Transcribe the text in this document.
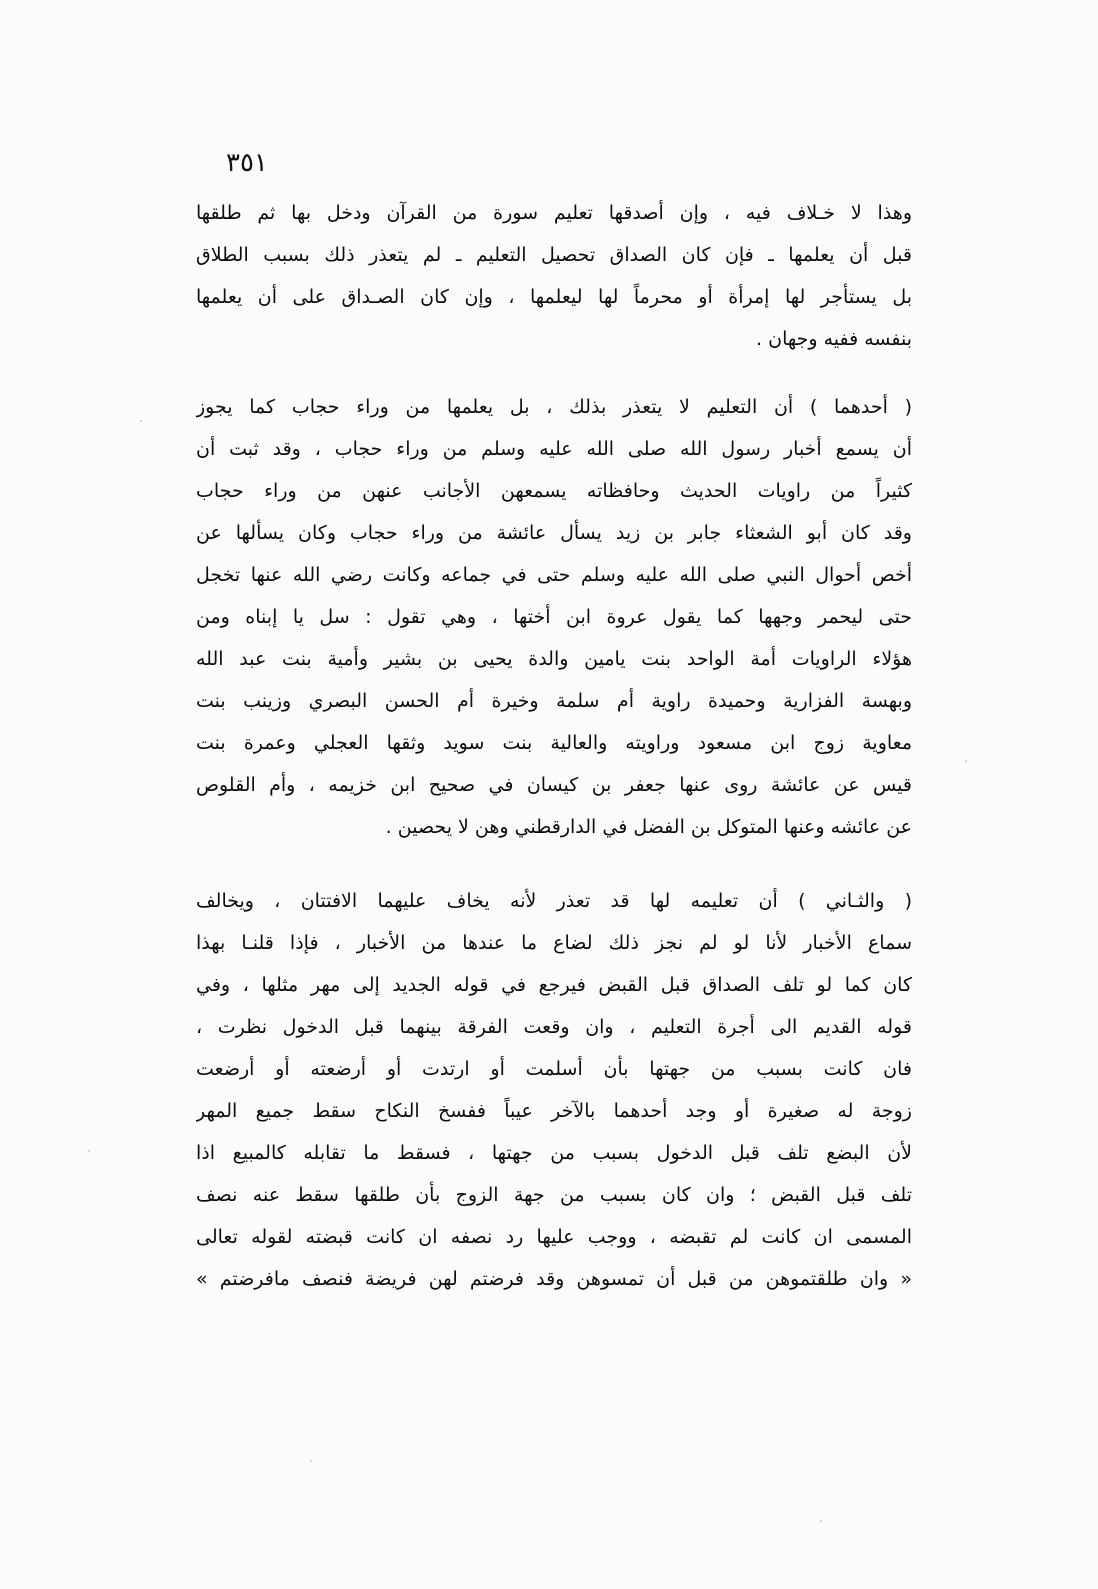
٣٥١
وهذا لا خـلاف فيه ، وإن أصدقها تعليم سورة من القرآن ودخل بها ثم طلقها
قبل أن يعلمها ـ فإن كان الصداق تحصيل التعليم ـ لم يتعذر ذلك بسبب الطلاق
بل يستأجر لها إمرأة أو محرماً لها ليعلمها ، وإن كان الصـداق على أن يعلمها
بنفسه ففيه وجهان .
( أحدهما ) أن التعليم لا يتعذر بذلك ، بل يعلمها من وراء حجاب كما يجوز
أن يسمع أخبار رسول الله صلى الله عليه وسلم من وراء حجاب ، وقد ثبت أن
كثيراً من راويات الحديث وحافظاته يسمعهن الأجانب عنهن من وراء حجاب
وقد كان أبو الشعثاء جابر بن زيد يسأل عائشة من وراء حجاب وكان يسألها عن
أخص أحوال النبي صلى الله عليه وسلم حتى في جماعه وكانت رضي الله عنها تخجل
حتى ليحمر وجهها كما يقول عروة ابن أختها ، وهي تقول : سل يا إبناه ومن
هؤلاء الراويات أمة الواحد بنت يامين والدة يحيى بن بشير وأمية بنت عبد الله
وبهسة الفزارية وحميدة راوية أم سلمة وخيرة أم الحسن البصري وزينب بنت
معاوية زوج ابن مسعود وراويته والعالية بنت سويد وثقها العجلي وعمرة بنت
قيس عن عائشة روى عنها جعفر بن كيسان في صحيح ابن خزيمه ، وأم القلوص
عن عائشه وعنها المتوكل بن الفضل في الدارقطني وهن لا يحصين .
( والثـاني ) أن تعليمه لها قد تعذر لأنه يخاف عليهما الافتتان ، ويخالف
سماع الأخبار لأنا لو لم نجز ذلك لضاع ما عندها من الأخبار ، فإذا قلنـا بهذا
كان كما لو تلف الصداق قبل القبض فيرجع في قوله الجديد إلى مهر مثلها ، وفي
قوله القديم الى أجرة التعليم ، وان وقعت الفرقة بينهما قبل الدخول نظرت ،
فان كانت بسبب من جهتها بأن أسلمت أو ارتدت أو أرضعته أو أرضعت
زوجة له صغيرة أو وجد أحدهما بالآخر عيباً ففسخ النكاح سقط جميع المهر
لأن البضع تلف قبل الدخول بسبب من جهتها ، فسقط ما تقابله كالمبيع اذا
تلف قبل القبض ؛ وان كان بسبب من جهة الزوج بأن طلقها سقط عنه نصف
المسمى ان كانت لم تقبضه ، ووجب عليها رد نصفه ان كانت قبضته لقوله تعالى
« وان طلقتموهن من قبل أن تمسوهن وقد فرضتم لهن فريضة فنصف مافرضتم »
